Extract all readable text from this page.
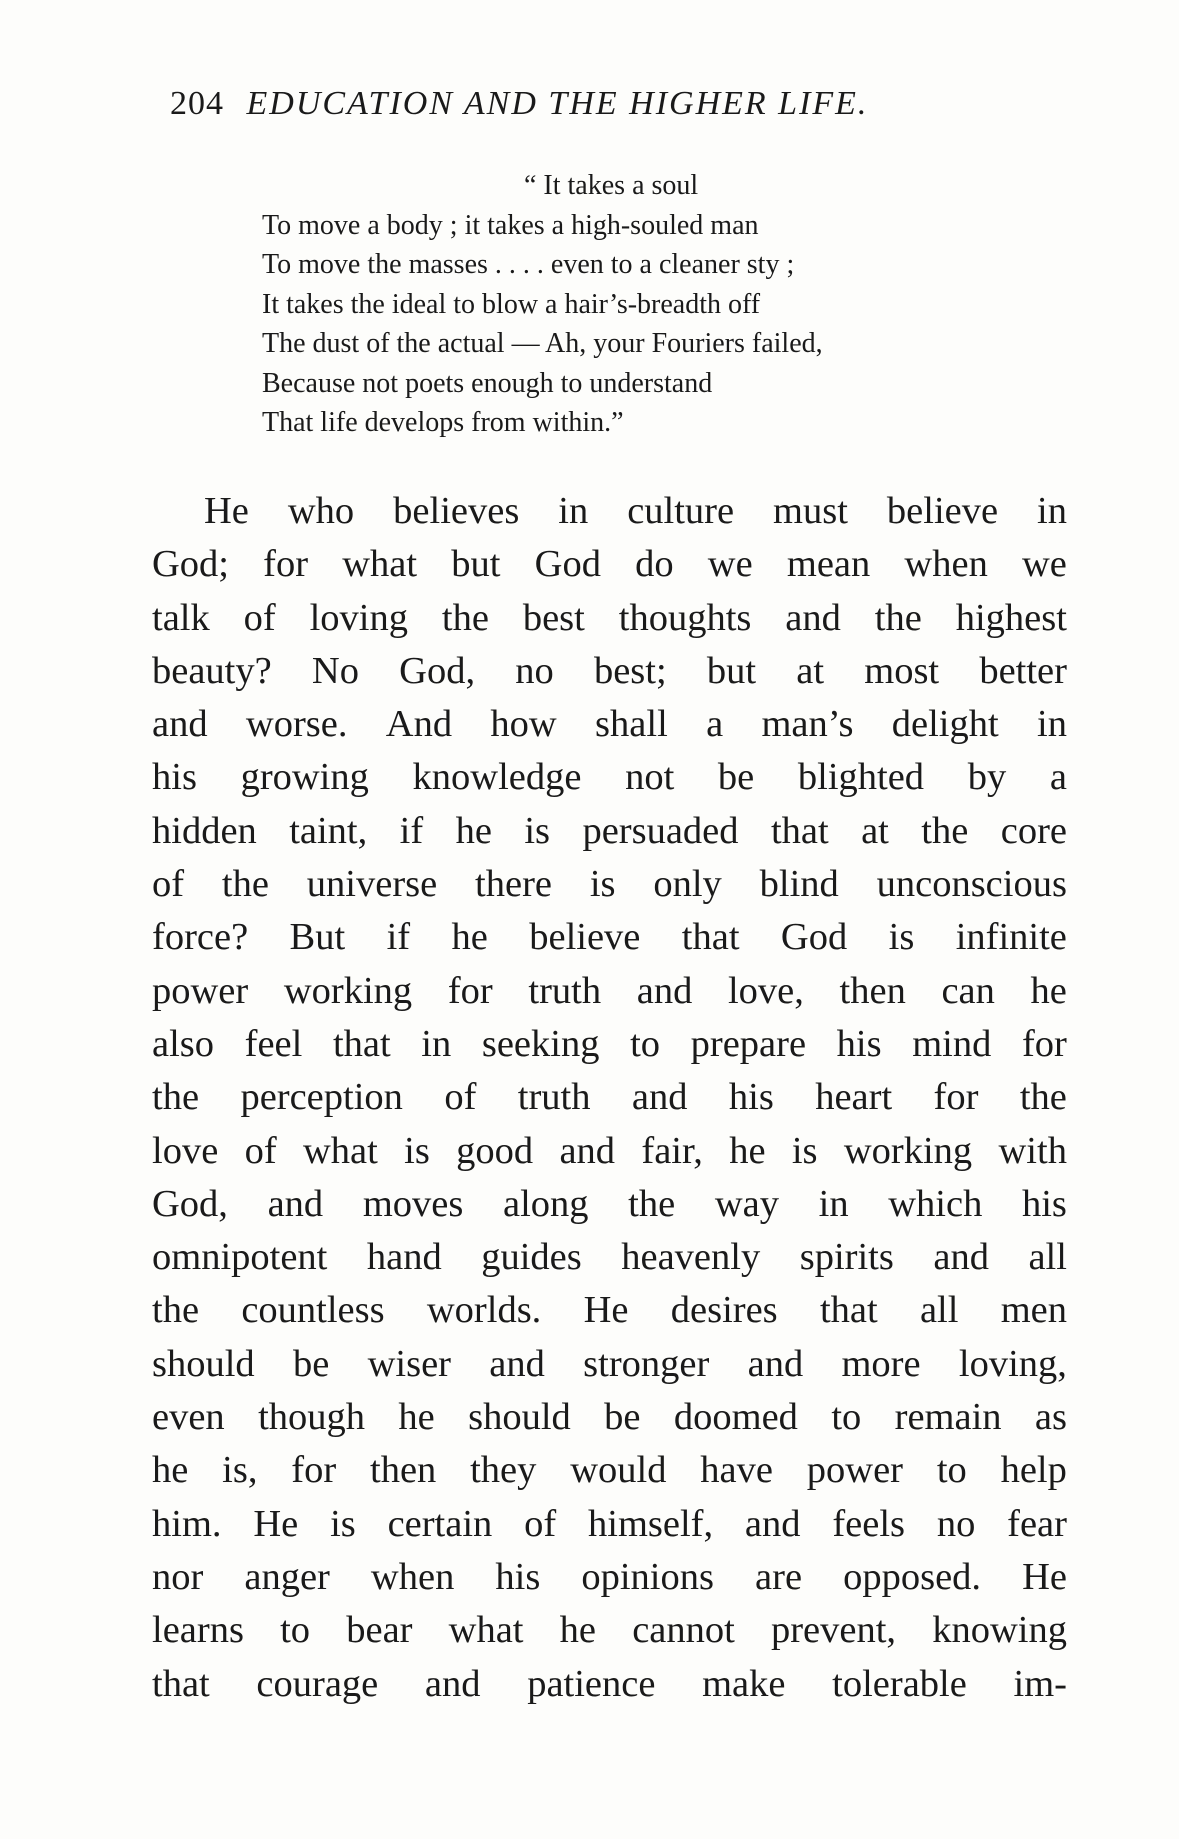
204 EDUCATION AND THE HIGHER LIFE.
“ It takes a soul
To move a body ; it takes a high-souled man
To move the masses . . . . even to a cleaner sty ;
It takes the ideal to blow a hair’s-breadth off
The dust of the actual — Ah, your Fouriers failed,
Because not poets enough to understand
That life develops from within.”
He who believes in culture must believe in
God; for what but God do we mean when we
talk of loving the best thoughts and the highest
beauty? No God, no best; but at most better
and worse. And how shall a man’s delight in
his growing knowledge not be blighted by a
hidden taint, if he is persuaded that at the core
of the universe there is only blind unconscious
force? But if he believe that God is infinite
power working for truth and love, then can he
also feel that in seeking to prepare his mind for
the perception of truth and his heart for the
love of what is good and fair, he is working with
God, and moves along the way in which his
omnipotent hand guides heavenly spirits and all
the countless worlds. He desires that all men
should be wiser and stronger and more loving,
even though he should be doomed to remain as
he is, for then they would have power to help
him. He is certain of himself, and feels no fear
nor anger when his opinions are opposed. He
learns to bear what he cannot prevent, knowing
that courage and patience make tolerable im-
